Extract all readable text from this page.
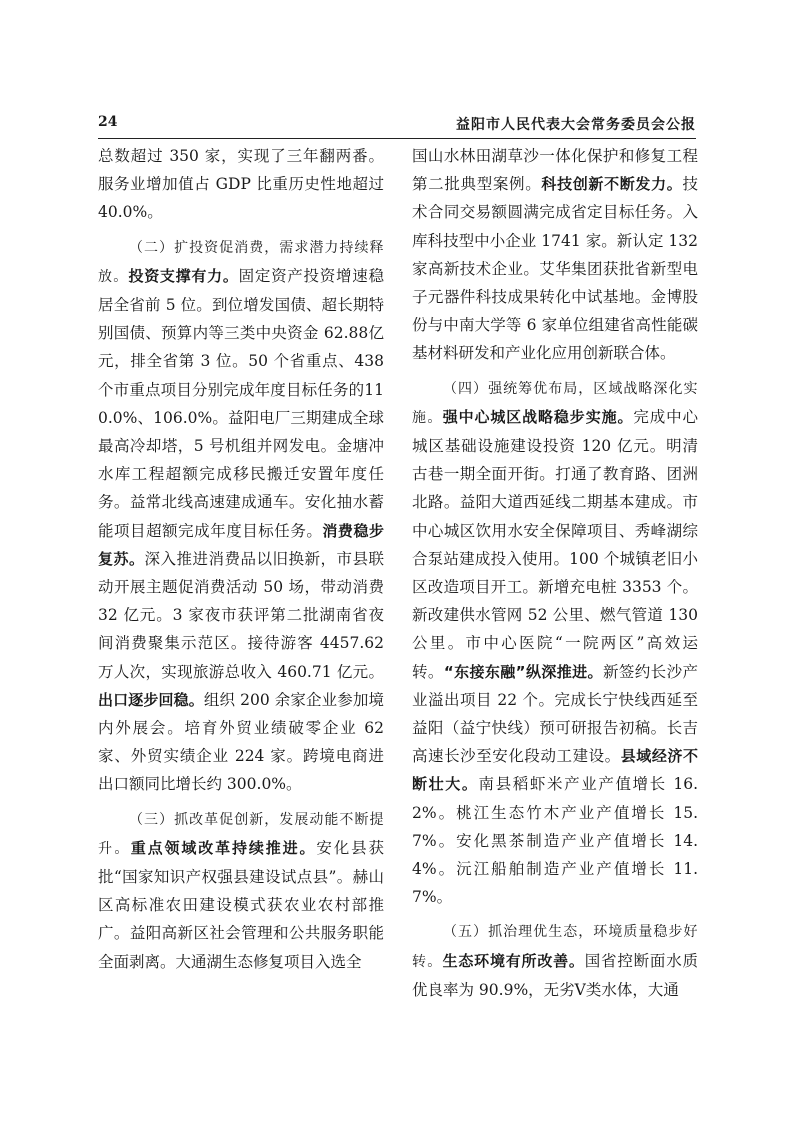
24	益阳市人民代表大会常务委员会公报

总数超过 350 家，实现了三年翻两番。服务业增加值占 GDP 比重历史性地超过40.0%。

（二）扩投资促消费，需求潜力持续释放。投资支撑有力。固定资产投资增速稳居全省前 5 位。到位增发国债、超长期特别国债、预算内等三类中央资金 62.88亿元，排全省第 3 位。50 个省重点、438 个市重点项目分别完成年度目标任务的110.0%、106.0%。益阳电厂三期建成全球最高冷却塔，5 号机组并网发电。金塘冲水库工程超额完成移民搬迁安置年度任务。益常北线高速建成通车。安化抽水蓄能项目超额完成年度目标任务。消费稳步复苏。深入推进消费品以旧换新，市县联动开展主题促消费活动 50 场，带动消费32 亿元。3 家夜市获评第二批湖南省夜间消费聚集示范区。接待游客 4457.62 万人次，实现旅游总收入 460.71 亿元。出口逐步回稳。组织 200 余家企业参加境内外展会。培育外贸业绩破零企业 62 家、外贸实绩企业 224 家。跨境电商进出口额同比增长约 300.0%。

（三）抓改革促创新，发展动能不断提升。重点领域改革持续推进。安化县获批“国家知识产权强县建设试点县”。赫山区高标准农田建设模式获农业农村部推广。益阳高新区社会管理和公共服务职能全面剥离。大通湖生态修复项目入选全

国山水林田湖草沙一体化保护和修复工程第二批典型案例。科技创新不断发力。技术合同交易额圆满完成省定目标任务。入库科技型中小企业 1741 家。新认定 132 家高新技术企业。艾华集团获批省新型电子元器件科技成果转化中试基地。金博股份与中南大学等 6 家单位组建省高性能碳基材料研发和产业化应用创新联合体。

（四）强统筹优布局，区域战略深化实施。强中心城区战略稳步实施。完成中心城区基础设施建设投资 120 亿元。明清古巷一期全面开街。打通了教育路、团洲北路。益阳大道西延线二期基本建成。市中心城区饮用水安全保障项目、秀峰湖综合泵站建成投入使用。100 个城镇老旧小区改造项目开工。新增充电桩 3353 个。新改建供水管网 52 公里、燃气管道 130 公里。市中心医院“一院两区”高效运转。“东接东融”纵深推进。新签约长沙产业溢出项目 22 个。完成长宁快线西延至益阳（益宁快线）预可研报告初稿。长吉高速长沙至安化段动工建设。县域经济不断壮大。南县稻虾米产业产值增长 16.2%。桃江生态竹木产业产值增长 15.7%。安化黑茶制造产业产值增长 14.4%。沅江船舶制造产业产值增长 11.7%。

（五）抓治理优生态，环境质量稳步好转。生态环境有所改善。国省控断面水质优良率为 90.9%，无劣Ⅴ类水体，大通
